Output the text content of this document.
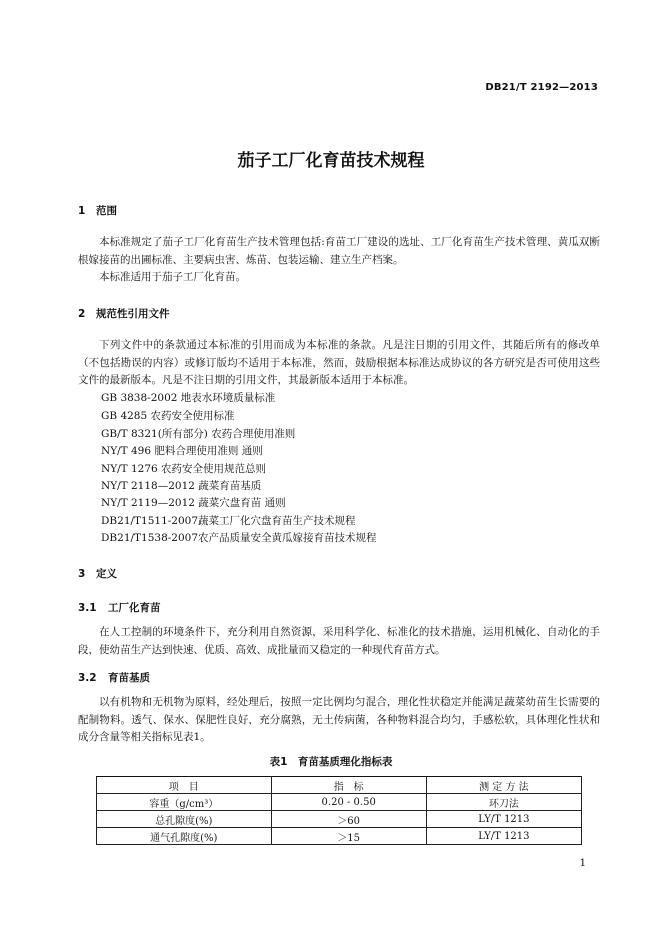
DB21/T 2192—2013
茄子工厂化育苗技术规程
1 范围
本标准规定了茄子工厂化育苗生产技术管理包括:育苗工厂建设的选址、工厂化育苗生产技术管理、黄瓜双断根嫁接苗的出圃标准、主要病虫害、炼苗、包装运输、建立生产档案。
本标准适用于茄子工厂化育苗。
2 规范性引用文件
下列文件中的条款通过本标准的引用而成为本标准的条款。凡是注日期的引用文件，其随后所有的修改单（不包括勘误的内容）或修订版均不适用于本标准，然而，鼓励根据本标准达成协议的各方研究是否可使用这些文件的最新版本。凡是不注日期的引用文件，其最新版本适用于本标准。
GB 3838-2002 地表水环境质量标准
GB 4285 农药安全使用标准
GB/T 8321(所有部分) 农药合理使用准则
NY/T 496 肥料合理使用准则 通则
NY/T 1276 农药安全使用规范总则
NY/T 2118—2012 蔬菜育苗基质
NY/T 2119—2012 蔬菜穴盘育苗 通则
DB21/T1511-2007蔬菜工厂化穴盘育苗生产技术规程
DB21/T1538-2007农产品质量安全黄瓜嫁接育苗技术规程
3 定义
3.1 工厂化育苗
在人工控制的环境条件下，充分利用自然资源，采用科学化、标准化的技术措施，运用机械化、自动化的手段，使幼苗生产达到快速、优质、高效、成批量而又稳定的一种现代育苗方式。
3.2 育苗基质
以有机物和无机物为原料，经处理后，按照一定比例均匀混合，理化性状稳定并能满足蔬菜幼苗生长需要的配制物料。透气、保水、保肥性良好，充分腐熟，无土传病菌，各种物料混合均匀，手感松软，具体理化性状和成分含量等相关指标见表1。
表1　育苗基质理化指标表
项　目	指　标	测 定 方 法
容重（g/cm³）	0.20 - 0.50	环刀法
总孔隙度(%)	＞60	LY/T 1213
通气孔隙度(%)	＞15	LY/T 1213
1
